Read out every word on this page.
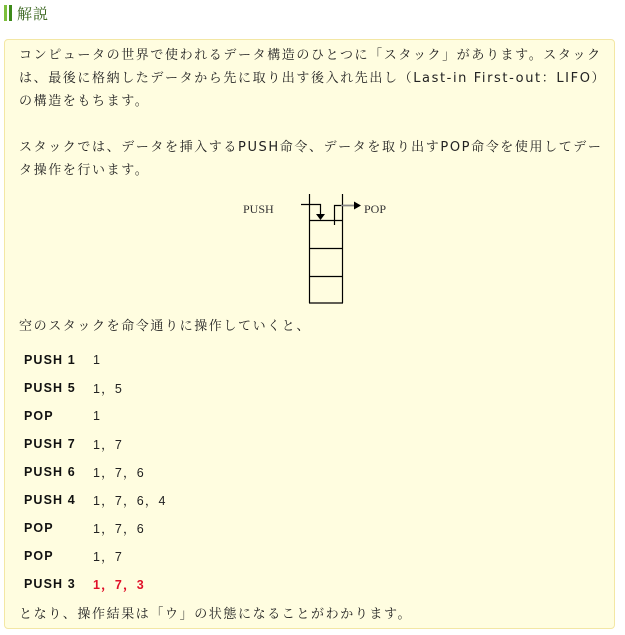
解説

コンピュータの世界で使われるデータ構造のひとつに「スタック」があります。スタックは、最後に格納したデータから先に取り出す後入れ先出し（Last-in First-out：LIFO）の構造をもちます。

スタックでは、データを挿入するPUSH命令、データを取り出すPOP命令を使用してデータ操作を行います。

PUSH	POP
空のスタックを命令通りに操作していくと、
PUSH 1	1
PUSH 5	1，5
POP	1
PUSH 7	1，7
PUSH 6	1，7，6
PUSH 4	1，7，6，4
POP	1，7，6
POP	1，7
PUSH 3	1，7，3
となり、操作結果は「ウ」の状態になることがわかります。
